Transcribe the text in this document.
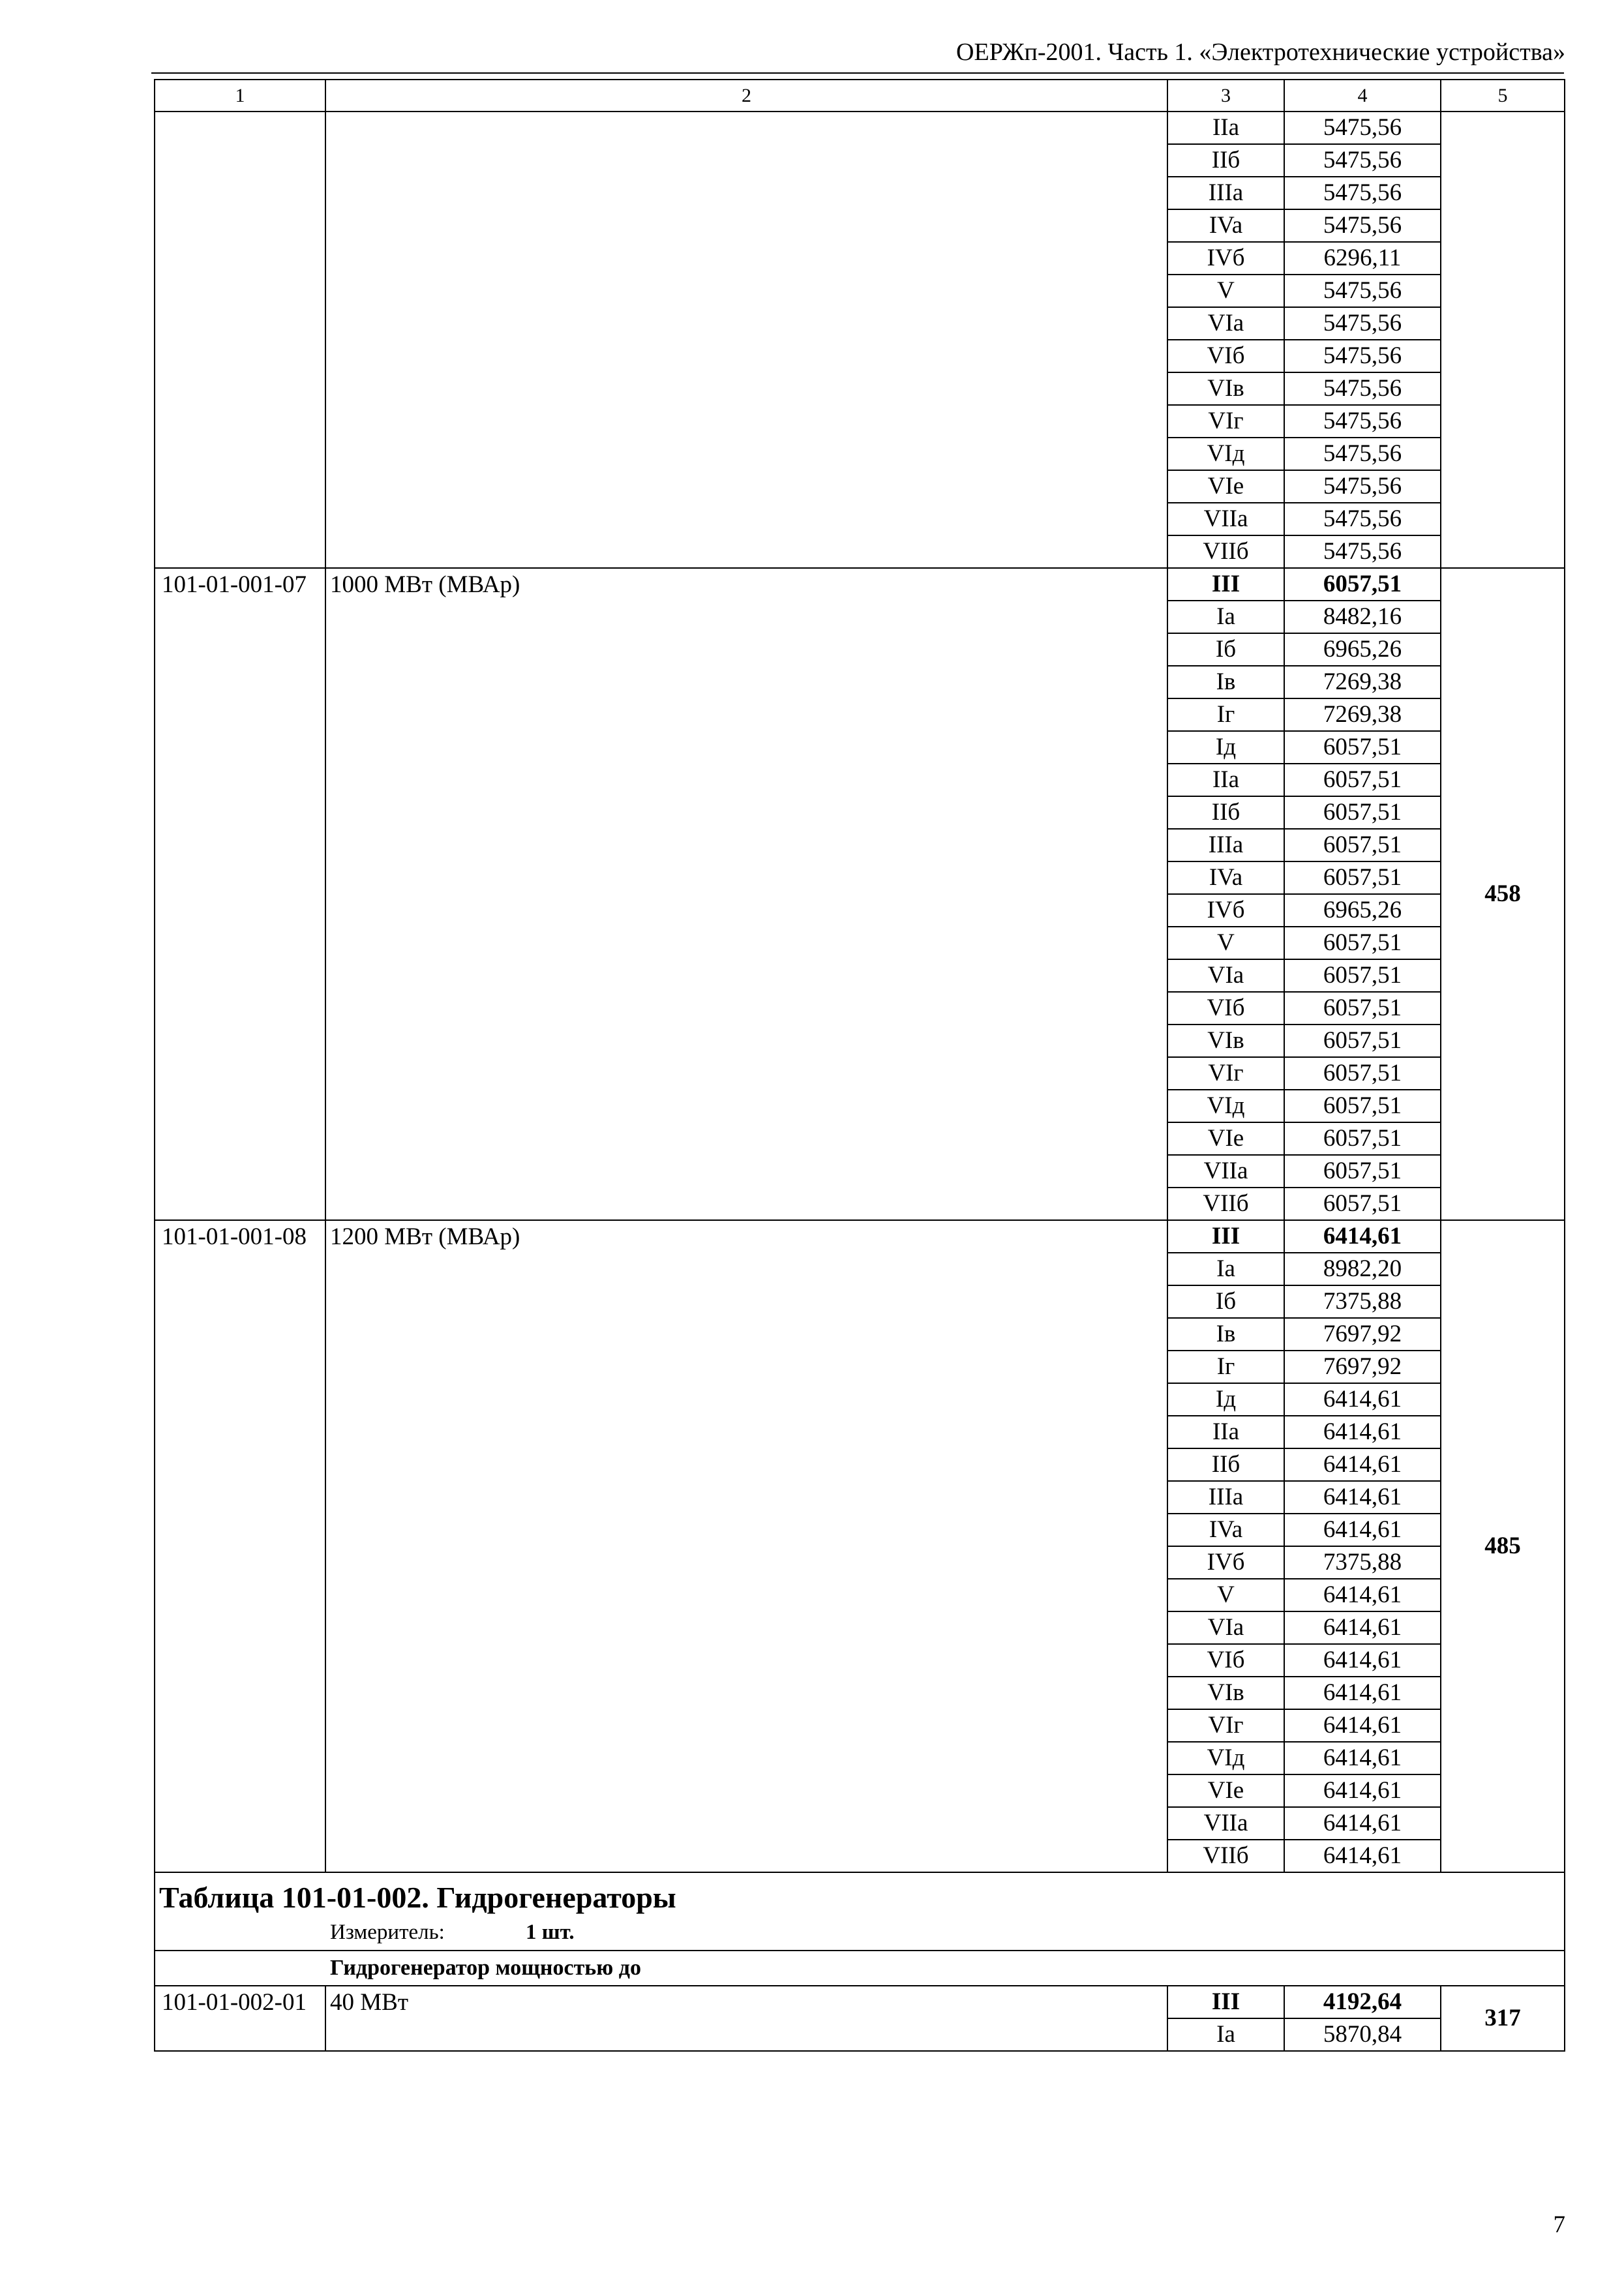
ОЕРЖп-2001. Часть 1. «Электротехнические устройства»
1	2	3	4	5
		IIa	5475,56	
		IIб	5475,56	
		IIIa	5475,56	
		IVa	5475,56	
		IVб	6296,11	
		V	5475,56	
		VIa	5475,56	
		VIб	5475,56	
		VIв	5475,56	
		VIг	5475,56	
		VIд	5475,56	
		VIe	5475,56	
		VIIa	5475,56	
		VIIб	5475,56	
101-01-001-07	1000 МВт (МВАр)	III	6057,51	458
		Ia	8482,16	
		Iб	6965,26	
		Iв	7269,38	
		Iг	7269,38	
		Iд	6057,51	
		IIa	6057,51	
		IIб	6057,51	
		IIIa	6057,51	
		IVa	6057,51	
		IVб	6965,26	
		V	6057,51	
		VIa	6057,51	
		VIб	6057,51	
		VIв	6057,51	
		VIг	6057,51	
		VIд	6057,51	
		VIe	6057,51	
		VIIa	6057,51	
		VIIб	6057,51	
101-01-001-08	1200 МВт (МВАр)	III	6414,61	485
		Ia	8982,20	
		Iб	7375,88	
		Iв	7697,92	
		Iг	7697,92	
		Iд	6414,61	
		IIa	6414,61	
		IIб	6414,61	
		IIIa	6414,61	
		IVa	6414,61	
		IVб	7375,88	
		V	6414,61	
		VIa	6414,61	
		VIб	6414,61	
		VIв	6414,61	
		VIг	6414,61	
		VIд	6414,61	
		VIe	6414,61	
		VIIa	6414,61	
		VIIб	6414,61	

Таблица 101-01-002. Гидрогенераторы
Измеритель: 1 шт.				

Гидрогенератор мощностью до				
101-01-002-01	40 МВт	III	4192,64	317
		Ia	5870,84	
7
